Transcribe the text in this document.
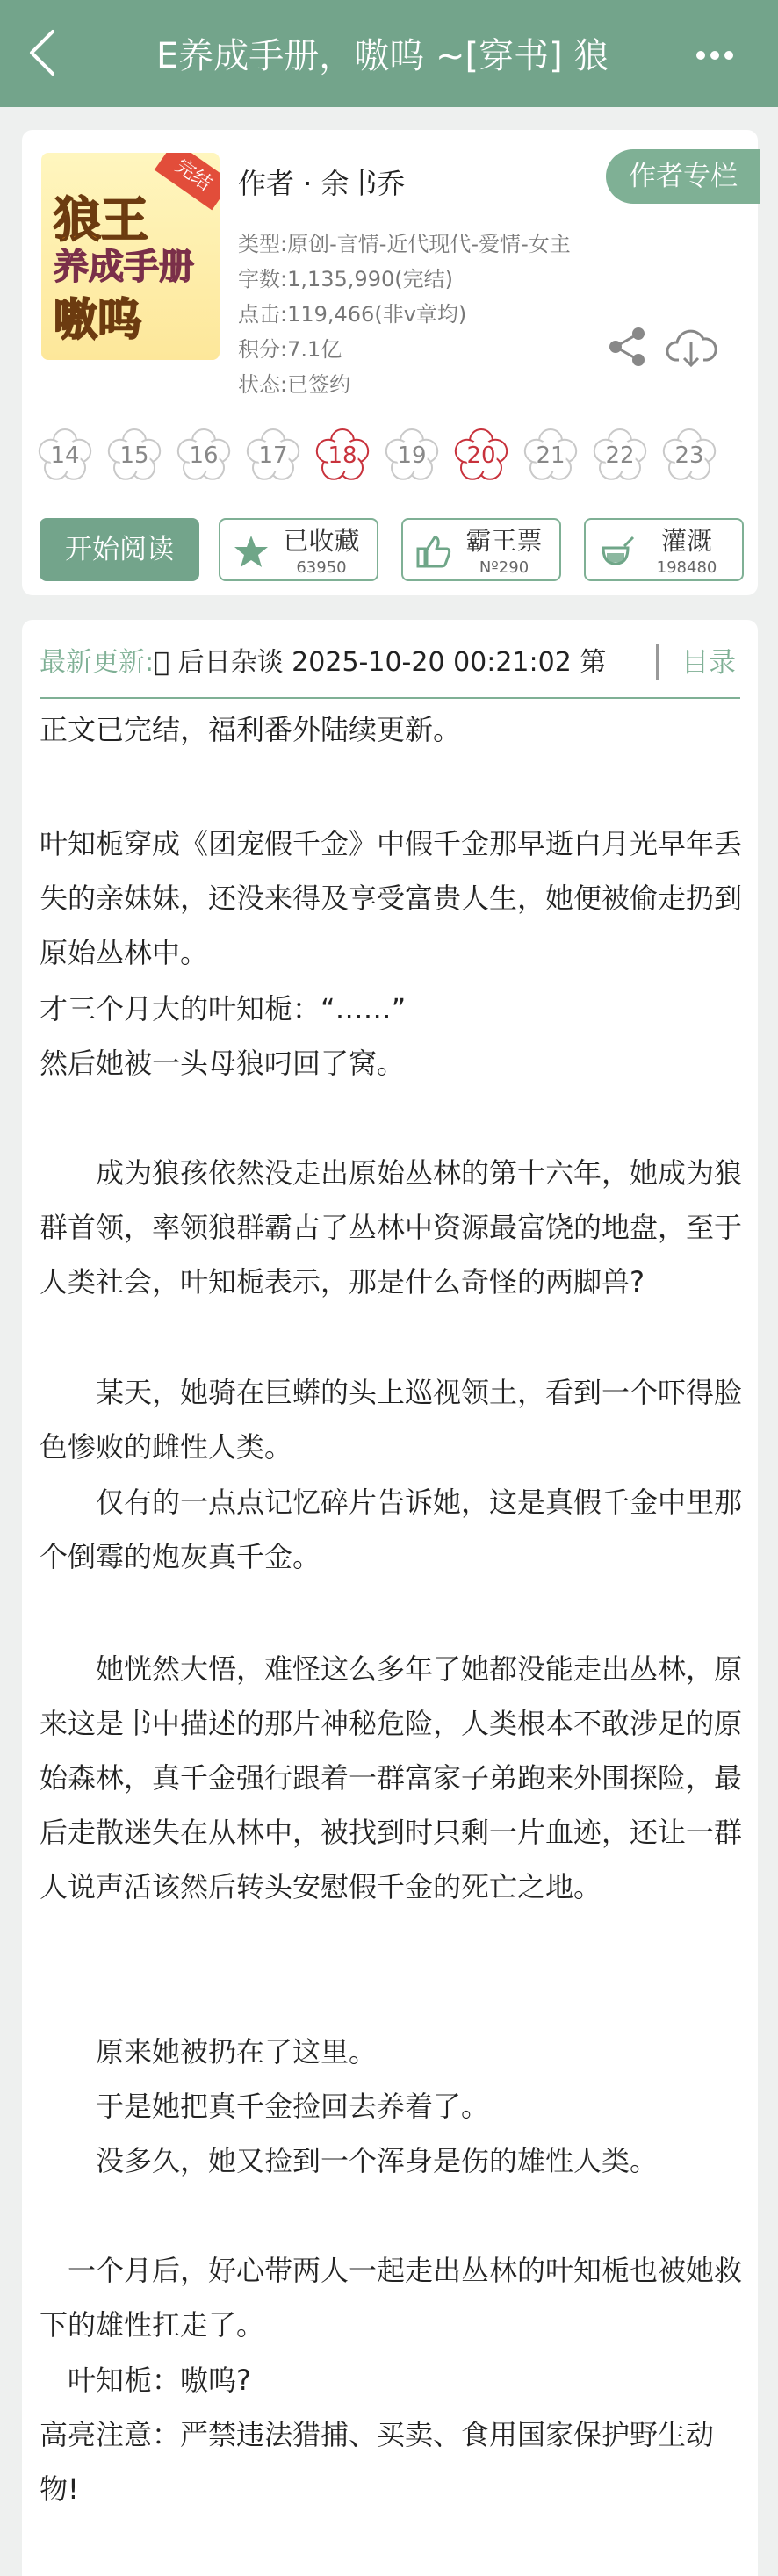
E养成手册，嗷呜 ~[穿书] 狼
完结
狼王
养成手册
嗷呜
作者 · 余书乔	作者专栏
类型:原创-言情-近代现代-爱情-女主
字数:1,135,990(完结)
点击:119,466(非v章均)
积分:7.1亿
状态:已签约
14	15	16	17	18	19	20	21	22	23
开始阅读	已收藏
63950
霸王票
Nº290
灌溉
198480
最新更新:  后日杂谈 2025-10-20 00:21:02 第	目录
正文已完结，福利番外陆续更新。
叶知栀穿成《团宠假千金》中假千金那早逝白月光早年丢失的亲妹妹，还没来得及享受富贵人生，她便被偷走扔到原始丛林中。
才三个月大的叶知栀：“……”
然后她被一头母狼叼回了窝。
　　成为狼孩依然没走出原始丛林的第十六年，她成为狼群首领，率领狼群霸占了丛林中资源最富饶的地盘，至于人类社会，叶知栀表示，那是什么奇怪的两脚兽?
　　某天，她骑在巨蟒的头上巡视领土，看到一个吓得脸色惨败的雌性人类。
　　仅有的一点点记忆碎片告诉她，这是真假千金中里那个倒霉的炮灰真千金。
　　她恍然大悟，难怪这么多年了她都没能走出丛林，原来这是书中描述的那片神秘危险，人类根本不敢涉足的原始森林，真千金强行跟着一群富家子弟跑来外围探险，最后走散迷失在从林中，被找到时只剩一片血迹，还让一群人说声活该然后转头安慰假千金的死亡之地。
　　原来她被扔在了这里。
　　于是她把真千金捡回去养着了。
　　没多久，她又捡到一个浑身是伤的雄性人类。
　一个月后，好心带两人一起走出丛林的叶知栀也被她救下的雄性扛走了。
　叶知栀：嗷呜?
高亮注意：严禁违法猎捕、买卖、食用国家保护野生动物!
